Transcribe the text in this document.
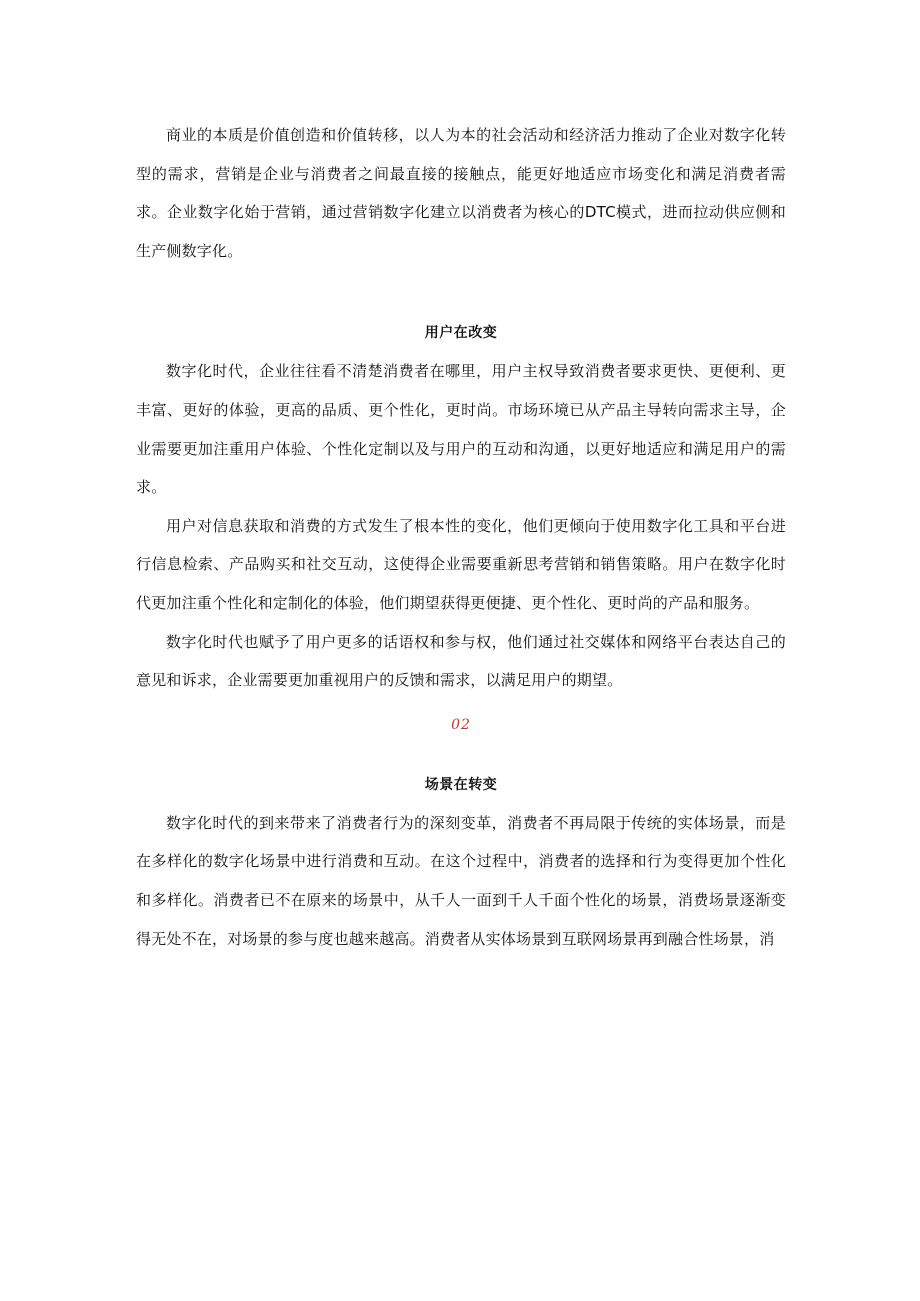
商业的本质是价值创造和价值转移，以人为本的社会活动和经济活力推动了企业对数字化转型的需求，营销是企业与消费者之间最直接的接触点，能更好地适应市场变化和满足消费者需求。企业数字化始于营销，通过营销数字化建立以消费者为核心的DTC模式，进而拉动供应侧和生产侧数字化。

用户在改变

数字化时代，企业往往看不清楚消费者在哪里，用户主权导致消费者要求更快、更便利、更丰富、更好的体验，更高的品质、更个性化，更时尚。市场环境已从产品主导转向需求主导，企业需要更加注重用户体验、个性化定制以及与用户的互动和沟通，以更好地适应和满足用户的需求。

用户对信息获取和消费的方式发生了根本性的变化，他们更倾向于使用数字化工具和平台进行信息检索、产品购买和社交互动，这使得企业需要重新思考营销和销售策略。用户在数字化时代更加注重个性化和定制化的体验，他们期望获得更便捷、更个性化、更时尚的产品和服务。

数字化时代也赋予了用户更多的话语权和参与权，他们通过社交媒体和网络平台表达自己的意见和诉求，企业需要更加重视用户的反馈和需求，以满足用户的期望。

02

场景在转变

数字化时代的到来带来了消费者行为的深刻变革，消费者不再局限于传统的实体场景，而是在多样化的数字化场景中进行消费和互动。在这个过程中，消费者的选择和行为变得更加个性化和多样化。消费者已不在原来的场景中，从千人一面到千人千面个性化的场景，消费场景逐渐变得无处不在，对场景的参与度也越来越高。消费者从实体场景到互联网场景再到融合性场景，消
